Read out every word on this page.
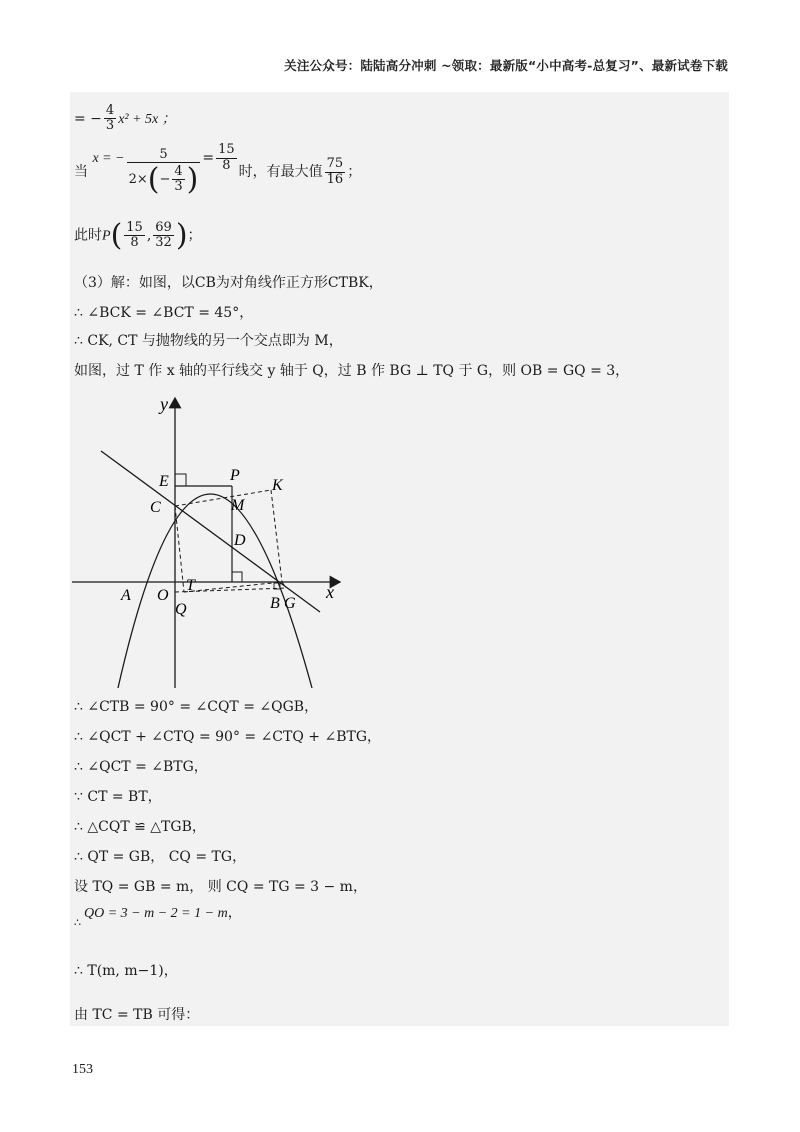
关注公众号：陆陆高分冲刺 ~领取：最新版“小中高考-总复习”、最新试卷下载
= − $\frac{4}{3} x^2 + 5x$ ；
当 x = − $\frac{5}{2\times(- \frac{4}{3} )} = \frac{15}{8}$ 时，有最大值 $\frac{75}{16}$ ；
此时$P( \frac{15}{8}$ , $\frac{69}{32}$ )；
（3）解：如图，以CB为对角线作正方形CTBK，
∴ ∠BCK = ∠BCT = 45°，
∴ CK, CT 与抛物线的另一个交点即为 M，
如图，过 T 作 x 轴的平行线交 y 轴于 Q，过 B 作 BG ⊥ TQ 于 G，则 OB = GQ = 3，
y
x
E	P
K
C	M
D
A O
T
Q	B G
∴ ∠CTB = 90° = ∠CQT = ∠QGB，
∴ ∠QCT + ∠CTQ = 90° = ∠CTQ + ∠BTG，
∴ ∠QCT = ∠BTG，
∵ CT = BT，
∴ △CQT ≌ △TGB，
∴ QT = GB， CQ = TG，
设 TQ = GB = m， 则 CQ = TG = 3 − m，
QO = 3 − m − 2 = 1 − m，
∴
∴ T(m, m−1)，
由 TC = TB 可得：
153
